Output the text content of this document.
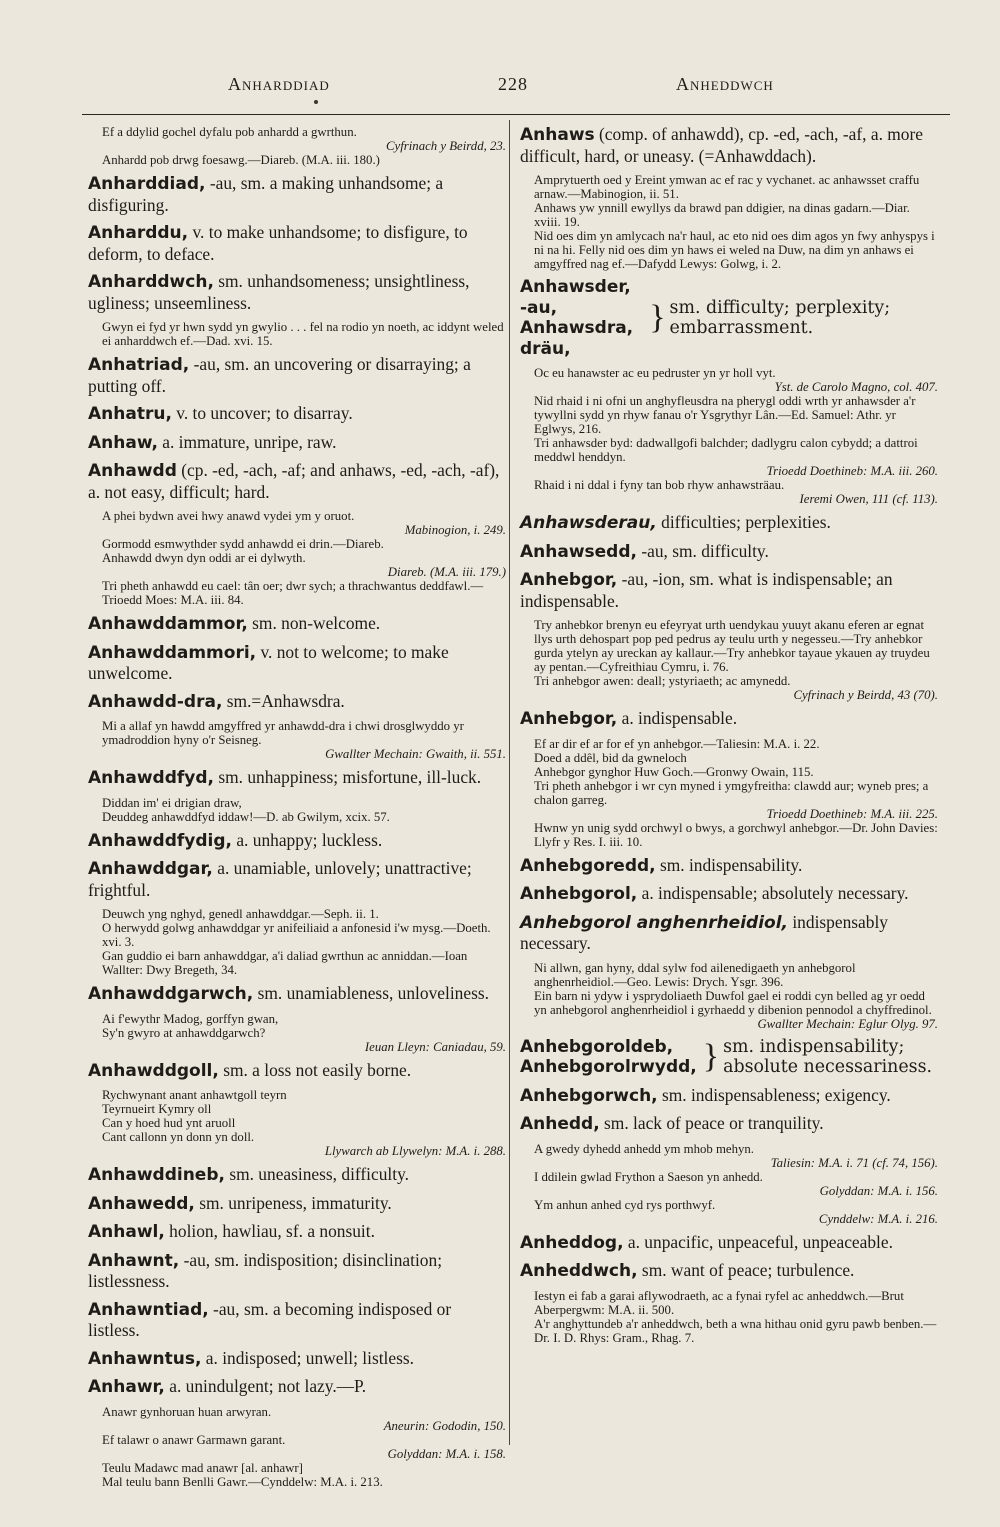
Anharddiad	228	Anheddwch

Ef a ddylid gochel dyfalu pob anhardd a gwrthun.

Cyfrinach y Beirdd, 23.

Anhardd pob drwg foesawg.—Diareb. (M.A. iii. 180.)

Anharddiad, -au, sm. a making unhandsome; a disfiguring.
Anharddu, v. to make unhandsome; to disfigure, to deform, to deface.
Anharddwch, sm. unhandsomeness; unsightliness, ugliness; unseemliness.

Gwyn ei fyd yr hwn sydd yn gwylio . . . fel na rodio yn noeth, ac iddynt weled ei anharddwch ef.—Dad. xvi. 15.

Anhatriad, -au, sm. an uncovering or disarraying; a putting off.
Anhatru, v. to uncover; to disarray.
Anhaw, a. immature, unripe, raw.
Anhawdd (cp. -ed, -ach, -af; and anhaws, -ed, -ach, -af), a. not easy, difficult; hard.

A phei bydwn avei hwy anawd vydei ym y oruot.

Mabinogion, i. 249.

Gormodd esmwythder sydd anhawdd ei drin.—Diareb.

Anhawdd dwyn dyn oddi ar ei dylwyth.

Diareb. (M.A. iii. 179.)

Tri pheth anhawdd eu cael: tân oer; dwr sych; a thrachwantus deddfawl.—Trioedd Moes: M.A. iii. 84.

Anhawddammor, sm. non-welcome.
Anhawddammori, v. not to welcome; to make unwelcome.
Anhawdd-dra, sm.=Anhawsdra.

Mi a allaf yn hawdd amgyffred yr anhawdd-dra i chwi drosglwyddo yr ymadroddion hyny o'r Seisneg.

Gwallter Mechain: Gwaith, ii. 551.

Anhawddfyd, sm. unhappiness; misfortune, ill-luck.

Diddan im' ei drigian draw,

Deuddeg anhawddfyd iddaw!—D. ab Gwilym, xcix. 57.

Anhawddfydig, a. unhappy; luckless.
Anhawddgar, a. unamiable, unlovely; unattractive; frightful.

Deuwch yng nghyd, genedl anhawddgar.—Seph. ii. 1.

O herwydd golwg anhawddgar yr anifeiliaid a anfonesid i'w mysg.—Doeth. xvi. 3.

Gan guddio ei barn anhawddgar, a'i daliad gwrthun ac anniddan.—Ioan Wallter: Dwy Bregeth, 34.

Anhawddgarwch, sm. unamiableness, unloveliness.

Ai f'ewythr Madog, gorffyn gwan,

Sy'n gwyro at anhawddgarwch?

Ieuan Lleyn: Caniadau, 59.

Anhawddgoll, sm. a loss not easily borne.

Rychwynant anant anhawtgoll teyrn

Teyrnueirt Kymry oll

Can y hoed hud ynt aruoll

Cant callonn yn donn yn doll.

Llywarch ab Llywelyn: M.A. i. 288.

Anhawddineb, sm. uneasiness, difficulty.
Anhawedd, sm. unripeness, immaturity.
Anhawl, holion, hawliau, sf. a nonsuit.
Anhawnt, -au, sm. indisposition; disinclination; listlessness.
Anhawntiad, -au, sm. a becoming indisposed or listless.
Anhawntus, a. indisposed; unwell; listless.
Anhawr, a. unindulgent; not lazy.—P.

Anawr gynhoruan huan arwyran.

Aneurin: Gododin, 150.

Ef talawr o anawr Garmawn garant.

Golyddan: M.A. i. 158.

Teulu Madawc mad anawr [al. anhawr]

Mal teulu bann Benlli Gawr.—Cynddelw: M.A. i. 213.

Anhaws (comp. of anhawdd), cp. -ed, -ach, -af, a. more difficult, hard, or uneasy. (=Anhawddach).

Amprytuerth oed y Ereint ymwan ac ef rac y vychanet. ac anhawsset craffu arnaw.—Mabinogion, ii. 51.

Anhaws yw ynnill ewyllys da brawd pan ddigier, na dinas gadarn.—Diar. xviii. 19.

Nid oes dim yn amlycach na'r haul, ac eto nid oes dim agos yn fwy anhyspys i ni na hi. Felly nid oes dim yn haws ei weled na Duw, na dim yn anhaws ei amgyffred nag ef.—Dafydd Lewys: Golwg, i. 2.

Anhawsder, -au,
Anhawsdra, dräu,
} sm. difficulty; perplexity; embarrassment.

Oc eu hanawster ac eu pedruster yn yr holl vyt.

Yst. de Carolo Magno, col. 407.

Nid rhaid i ni ofni un anghyfleusdra na pherygl oddi wrth yr anhawsder a'r tywyllni sydd yn rhyw fanau o'r Ysgrythyr Lân.—Ed. Samuel: Athr. yr Eglwys, 216.

Tri anhawsder byd: dadwallgofi balchder; dadlygru calon cybydd; a dattroi meddwl henddyn.

Trioedd Doethineb: M.A. iii. 260.

Rhaid i ni ddal i fyny tan bob rhyw anhawsträau.

Ieremi Owen, 111 (cf. 113).

Anhawsderau, difficulties; perplexities.
Anhawsedd, -au, sm. difficulty.
Anhebgor, -au, -ion, sm. what is indispensable; an indispensable.

Try anhebkor brenyn eu efeyryat urth uendykau yuuyt akanu eferen ar egnat llys urth dehospart pop ped pedrus ay teulu urth y negesseu.—Try anhebkor gurda ytelyn ay ureckan ay kallaur.—Try anhebkor tayaue ykauen ay truydeu ay pentan.—Cyfreithiau Cymru, i. 76.

Tri anhebgor awen: deall; ystyriaeth; ac amynedd.

Cyfrinach y Beirdd, 43 (70).

Anhebgor, a. indispensable.

Ef ar dir ef ar for ef yn anhebgor.—Taliesin: M.A. i. 22.

Doed a ddêl, bid da gwneloch

Anhebgor gynghor Huw Goch.—Gronwy Owain, 115.

Tri pheth anhebgor i wr cyn myned i ymgyfreitha: clawdd aur; wyneb pres; a chalon garreg.

Trioedd Doethineb: M.A. iii. 225.

Hwnw yn unig sydd orchwyl o bwys, a gorchwyl anhebgor.—Dr. John Davies: Llyfr y Res. I. iii. 10.

Anhebgoredd, sm. indispensability.
Anhebgorol, a. indispensable; absolutely necessary.
Anhebgorol anghenrheidiol, indispensably necessary.

Ni allwn, gan hyny, ddal sylw fod ailenedigaeth yn anhebgorol anghenrheidiol.—Geo. Lewis: Drych. Ysgr. 396.

Ein barn ni ydyw i ysprydoliaeth Duwfol gael ei roddi cyn belled ag yr oedd yn anhebgorol anghenrheidiol i gyrhaedd y dibenion pennodol a chyffredinol.

Gwallter Mechain: Eglur Olyg. 97.

Anhebgoroldeb,
Anhebgorolrwydd, } sm. indispensability; absolute necessariness.
Anhebgorwch, sm. indispensableness; exigency.
Anhedd, sm. lack of peace or tranquility.

A gwedy dyhedd anhedd ym mhob mehyn.

Taliesin: M.A. i. 71 (cf. 74, 156).

I ddilein gwlad Frython a Saeson yn anhedd.

Golyddan: M.A. i. 156.

Ym anhun anhed cyd rys porthwyf.

Cynddelw: M.A. i. 216.

Anheddog, a. unpacific, unpeaceful, unpeaceable.
Anheddwch, sm. want of peace; turbulence.

Iestyn ei fab a garai aflywodraeth, ac a fynai ryfel ac anheddwch.—Brut Aberpergwm: M.A. ii. 500.

A'r anghyttundeb a'r anheddwch, beth a wna hithau onid gyru pawb benben.—Dr. I. D. Rhys: Gram., Rhag. 7.
